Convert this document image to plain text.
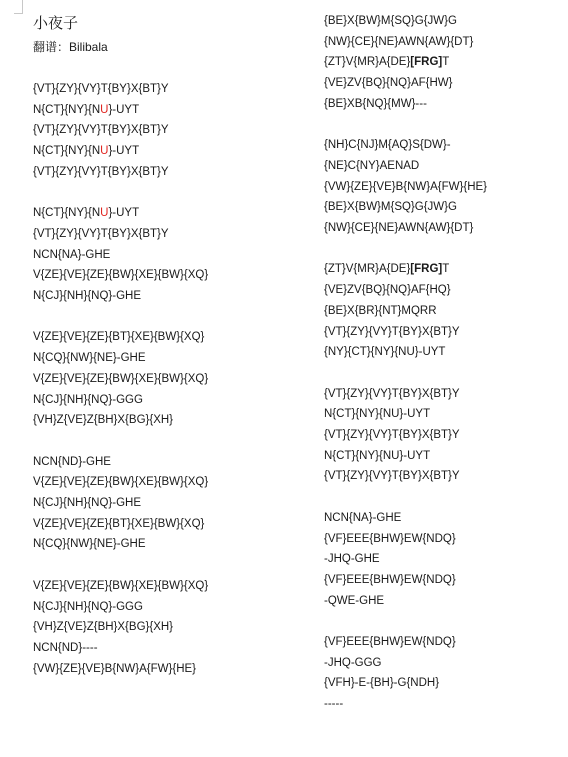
小夜子
翻谱：Bilibala
{VT}{ZY}{VY}T{BY}X{BT}Y
N{CT}{NY}{NU}-UYT
{VT}{ZY}{VY}T{BY}X{BT}Y
N{CT}{NY}{NU}-UYT
{VT}{ZY}{VY}T{BY}X{BT}Y
N{CT}{NY}{NU}-UYT
{VT}{ZY}{VY}T{BY}X{BT}Y
NCN{NA}-GHE
V{ZE}{VE}{ZE}{BW}{XE}{BW}{XQ}
N{CJ}{NH}{NQ}-GHE
V{ZE}{VE}{ZE}{BT}{XE}{BW}{XQ}
N{CQ}{NW}{NE}-GHE
V{ZE}{VE}{ZE}{BW}{XE}{BW}{XQ}
N{CJ}{NH}{NQ}-GGG
{VH}Z{VE}Z{BH}X{BG}{XH}
NCN{ND}-GHE
V{ZE}{VE}{ZE}{BW}{XE}{BW}{XQ}
N{CJ}{NH}{NQ}-GHE
V{ZE}{VE}{ZE}{BT}{XE}{BW}{XQ}
N{CQ}{NW}{NE}-GHE
V{ZE}{VE}{ZE}{BW}{XE}{BW}{XQ}
N{CJ}{NH}{NQ}-GGG
{VH}Z{VE}Z{BH}X{BG}{XH}
NCN{ND}----
{VW}{ZE}{VE}B{NW}A{FW}{HE}
{BE}X{BW}M{SQ}G{JW}G
{NW}{CE}{NE}AWN{AW}{DT}
{ZT}V{MR}A{DE}[FRG]T
{VE}ZV{BQ}{NQ}AF{HW}
{BE}XB{NQ}{MW}---
{NH}C{NJ}M{AQ}S{DW}-
{NE}C{NY}AENAD
{VW}{ZE}{VE}B{NW}A{FW}{HE}
{BE}X{BW}M{SQ}G{JW}G
{NW}{CE}{NE}AWN{AW}{DT}
{ZT}V{MR}A{DE}[FRG]T
{VE}ZV{BQ}{NQ}AF{HQ}
{BE}X{BR}{NT}MQRR
{VT}{ZY}{VY}T{BY}X{BT}Y
{NY}{CT}{NY}{NU}-UYT
{VT}{ZY}{VY}T{BY}X{BT}Y
N{CT}{NY}{NU}-UYT
{VT}{ZY}{VY}T{BY}X{BT}Y
N{CT}{NY}{NU}-UYT
{VT}{ZY}{VY}T{BY}X{BT}Y
NCN{NA}-GHE
{VF}EEE{BHW}EW{NDQ}
-JHQ-GHE
{VF}EEE{BHW}EW{NDQ}
-QWE-GHE
{VF}EEE{BHW}EW{NDQ}
-JHQ-GGG
{VFH}-E-{BH}-G{NDH}
-----
